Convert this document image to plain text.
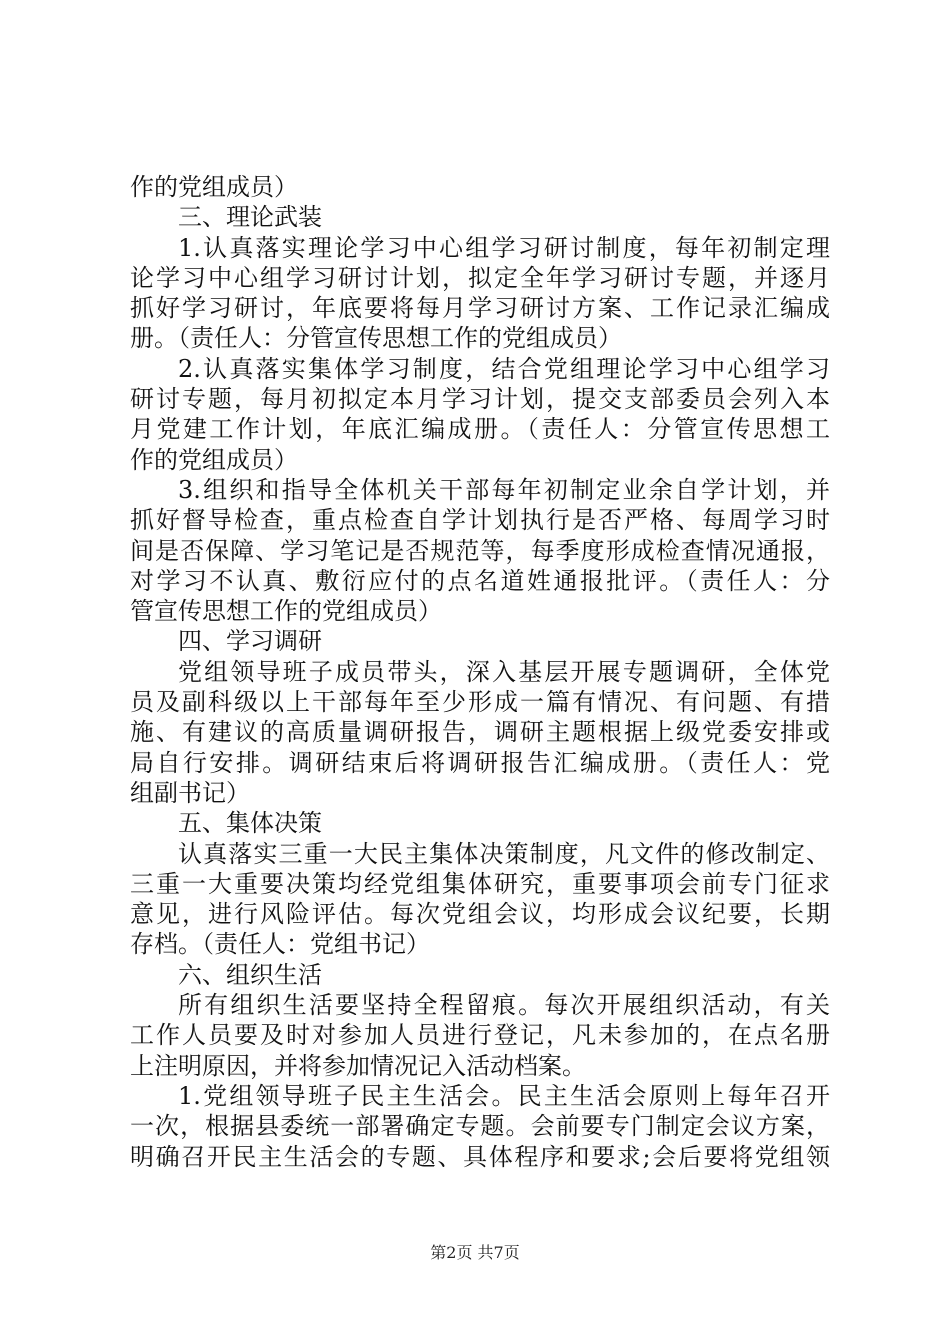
作的党组成员）
三、理论武装
1.认真落实理论学习中心组学习研讨制度，每年初制定理
论学习中心组学习研讨计划，拟定全年学习研讨专题，并逐月
抓好学习研讨，年底要将每月学习研讨方案、工作记录汇编成
册。（责任人：分管宣传思想工作的党组成员）
2.认真落实集体学习制度，结合党组理论学习中心组学习
研讨专题，每月初拟定本月学习计划，提交支部委员会列入本
月党建工作计划，年底汇编成册。（责任人：分管宣传思想工
作的党组成员）
3.组织和指导全体机关干部每年初制定业余自学计划，并
抓好督导检查，重点检查自学计划执行是否严格、每周学习时
间是否保障、学习笔记是否规范等，每季度形成检查情况通报，
对学习不认真、敷衍应付的点名道姓通报批评。（责任人：分
管宣传思想工作的党组成员）
四、学习调研
党组领导班子成员带头，深入基层开展专题调研，全体党
员及副科级以上干部每年至少形成一篇有情况、有问题、有措
施、有建议的高质量调研报告，调研主题根据上级党委安排或
局自行安排。调研结束后将调研报告汇编成册。（责任人：党
组副书记）
五、集体决策
认真落实三重一大民主集体决策制度，凡文件的修改制定、
三重一大重要决策均经党组集体研究，重要事项会前专门征求
意见，进行风险评估。每次党组会议，均形成会议纪要，长期
存档。（责任人：党组书记）
六、组织生活
所有组织生活要坚持全程留痕。每次开展组织活动，有关
工作人员要及时对参加人员进行登记，凡未参加的，在点名册
上注明原因，并将参加情况记入活动档案。
1.党组领导班子民主生活会。民主生活会原则上每年召开
一次，根据县委统一部署确定专题。会前要专门制定会议方案，
明确召开民主生活会的专题、具体程序和要求;会后要将党组领
第2页 共7页
